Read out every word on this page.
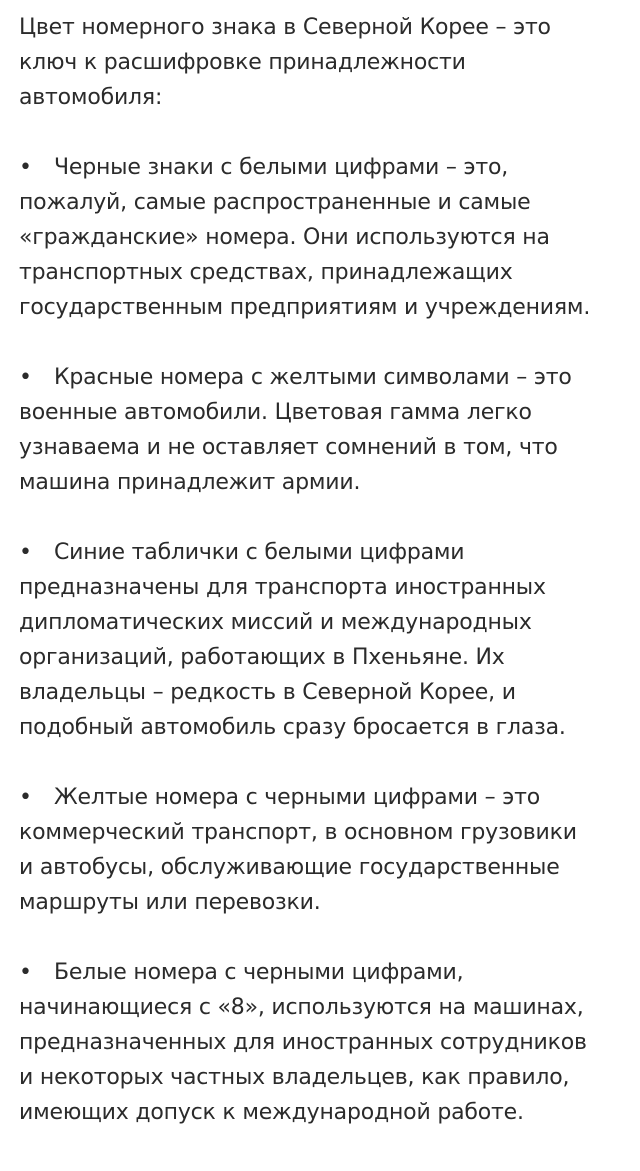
Цвет номерного знака в Северной Корее – это
ключ к расшифровке принадлежности
автомобиля:

• Черные знаки с белыми цифрами – это,
пожалуй, самые распространенные и самые
«гражданские» номера. Они используются на
транспортных средствах, принадлежащих
государственным предприятиям и учреждениям.
• Красные номера с желтыми символами – это
военные автомобили. Цветовая гамма легко
узнаваема и не оставляет сомнений в том, что
машина принадлежит армии.
• Синие таблички с белыми цифрами
предназначены для транспорта иностранных
дипломатических миссий и международных
организаций, работающих в Пхеньяне. Их
владельцы – редкость в Северной Корее, и
подобный автомобиль сразу бросается в глаза.
• Желтые номера с черными цифрами – это
коммерческий транспорт, в основном грузовики
и автобусы, обслуживающие государственные
маршруты или перевозки.
• Белые номера с черными цифрами,
начинающиеся с «8», используются на машинах,
предназначенных для иностранных сотрудников
и некоторых частных владельцев, как правило,
имеющих допуск к международной работе.
